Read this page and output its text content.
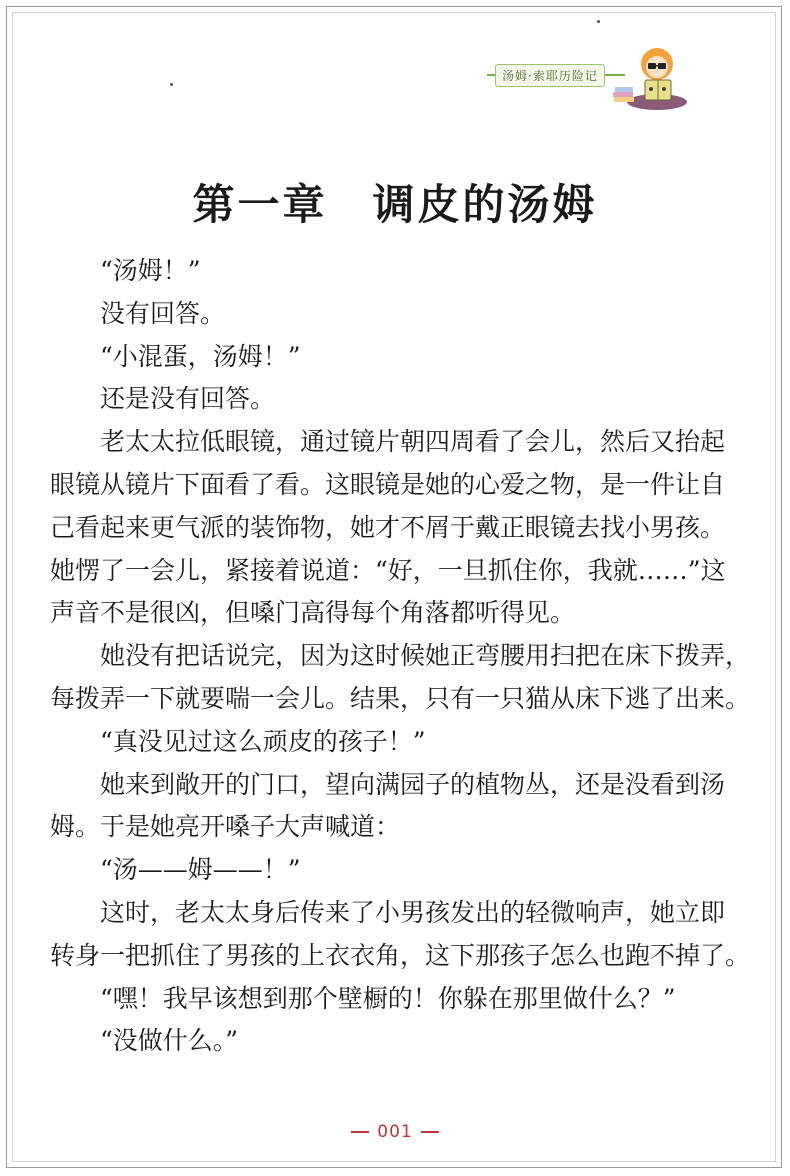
汤姆·索耶历险记
第一章　调皮的汤姆

“汤姆！”

没有回答。

“小混蛋，汤姆！”

还是没有回答。

老太太拉低眼镜，通过镜片朝四周看了会儿，然后又抬起

眼镜从镜片下面看了看。这眼镜是她的心爱之物，是一件让自

己看起来更气派的装饰物，她才不屑于戴正眼镜去找小男孩。

她愣了一会儿，紧接着说道：“好，一旦抓住你，我就……”这

声音不是很凶，但嗓门高得每个角落都听得见。

她没有把话说完，因为这时候她正弯腰用扫把在床下拨弄，

每拨弄一下就要喘一会儿。结果，只有一只猫从床下逃了出来。

“真没见过这么顽皮的孩子！”

她来到敞开的门口，望向满园子的植物丛，还是没看到汤

姆。于是她亮开嗓子大声喊道：

“汤——姆——！”

这时，老太太身后传来了小男孩发出的轻微响声，她立即

转身一把抓住了男孩的上衣衣角，这下那孩子怎么也跑不掉了。

“嘿！我早该想到那个壁橱的！你躲在那里做什么？”

“没做什么。”

001
